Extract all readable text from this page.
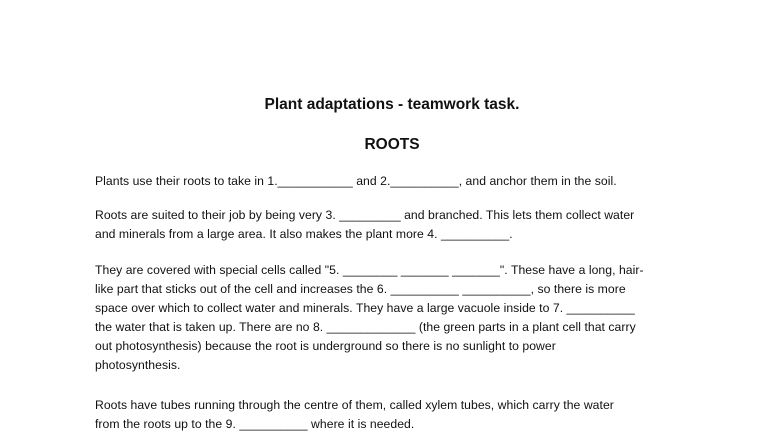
Plant adaptations - teamwork task.
ROOTS

Plants use their roots to take in 1.___________ and 2.__________, and anchor them in the soil.

Roots are suited to their job by being very 3. _________ and branched. This lets them collect water
and minerals from a large area. It also makes the plant more 4. __________.

They are covered with special cells called "5. ________ _______ _______". These have a long, hair-
like part that sticks out of the cell and increases the 6. __________ __________, so there is more
space over which to collect water and minerals. They have a large vacuole inside to 7. __________
the water that is taken up. There are no 8. _____________ (the green parts in a plant cell that carry
out photosynthesis) because the root is underground so there is no sunlight to power
photosynthesis.

Roots have tubes running through the centre of them, called xylem tubes, which carry the water
from the roots up to the 9. __________ where it is needed.
